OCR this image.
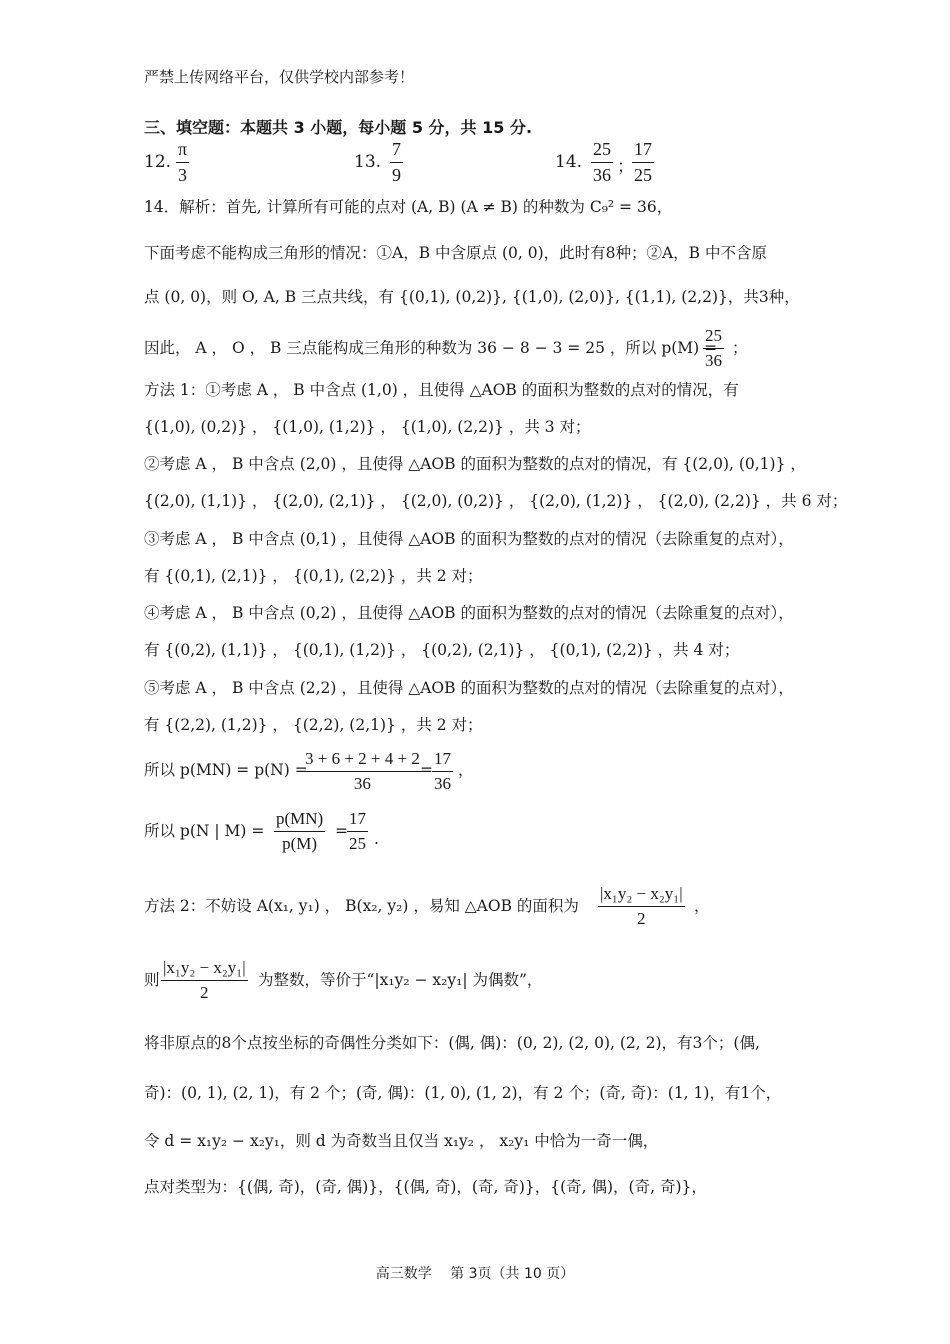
严禁上传网络平台，仅供学校内部参考！
三、填空题：本题共 3 小题，每小题 5 分，共 15 分.
12.
π
3
13.
7
9
14.
25
36 ；
17
25
14．解析：首先, 计算所有可能的点对 (A, B) (A ≠ B) 的种数为 C₉² = 36，
下面考虑不能构成三角形的情况：①A，B 中含原点 (0, 0)，此时有8种；②A，B 中不含原
点 (0, 0)，则 O, A, B 三点共线，有 {(0,1), (0,2)}, {(1,0), (2,0)}, {(1,1), (2,2)}，共3种，
因此， A ， O ， B 三点能构成三角形的种数为 36 − 8 − 3 = 25 ，所以 p(M) =
25
36
；
方法 1：①考虑 A ， B 中含点 (1,0) ，且使得 △AOB 的面积为整数的点对的情况，有
{(1,0), (0,2)} ， {(1,0), (1,2)} ， {(1,0), (2,2)} ，共 3 对；
②考虑 A ， B 中含点 (2,0) ，且使得 △AOB 的面积为整数的点对的情况，有 {(2,0), (0,1)} ，
{(2,0), (1,1)} ， {(2,0), (2,1)} ， {(2,0), (0,2)} ， {(2,0), (1,2)} ， {(2,0), (2,2)} ，共 6 对；
③考虑 A ， B 中含点 (0,1) ，且使得 △AOB 的面积为整数的点对的情况（去除重复的点对），
有 {(0,1), (2,1)} ， {(0,1), (2,2)} ，共 2 对；
④考虑 A ， B 中含点 (0,2) ，且使得 △AOB 的面积为整数的点对的情况（去除重复的点对），
有 {(0,2), (1,1)} ， {(0,1), (1,2)} ， {(0,2), (2,1)} ， {(0,1), (2,2)} ，共 4 对；
⑤考虑 A ， B 中含点 (2,2) ，且使得 △AOB 的面积为整数的点对的情况（去除重复的点对），
有 {(2,2), (1,2)} ， {(2,2), (2,1)} ，共 2 对；
所以 p(MN) = p(N) =
3 + 6 + 2 + 4 + 2
36
=
17
36
，
所以 p(N | M) =
p(MN)
p(M)
=
17
25 .
方法 2：不妨设 A(x₁, y₁) ， B(x₂, y₂) ，易知 △AOB 的面积为
|x₁y₂ − x₂y₁|
2
，
则
|x₁y₂ − x₂y₁|
2
为整数，等价于“|x₁y₂ − x₂y₁| 为偶数”，
将非原点的8个点按坐标的奇偶性分类如下：(偶, 偶)：(0, 2), (2, 0), (2, 2)，有3个；(偶,
奇)：(0, 1), (2, 1)，有 2 个；(奇, 偶)：(1, 0), (1, 2)，有 2 个；(奇, 奇)：(1, 1)，有1个，
令 d = x₁y₂ − x₂y₁，则 d 为奇数当且仅当 x₁y₂ ， x₂y₁ 中恰为一奇一偶，
点对类型为：{(偶, 奇)，(奇, 偶)}，{(偶, 奇)，(奇, 奇)}，{(奇, 偶)，(奇, 奇)}，
高三数学　 第 3页（共 10 页）
